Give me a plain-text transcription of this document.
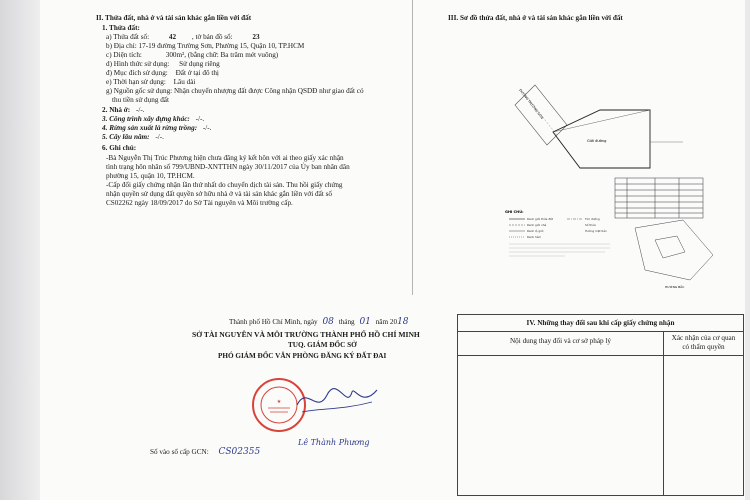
II. Thửa đất, nhà ở và tài sản khác gắn liền với đất
1. Thửa đất:
a) Thửa đất số:	42 , tờ bản đồ số:	23
b) Địa chỉ: 17-19 đường Trường Sơn, Phường 15, Quận 10, TP.HCM
c) Diện tích:	300m², (bằng chữ: Ba trăm mét vuông)
d) Hình thức sử dụng: Sử dụng riêng
đ) Mục đích sử dụng: Đất ở tại đô thị
e) Thời hạn sử dụng: Lâu dài
g) Nguồn gốc sử dụng: Nhận chuyển nhượng đất được Công nhận QSDĐ như giao đất có
thu tiền sử dụng đất
2. Nhà ở: -/-.
3. Công trình xây dựng khác: -/-.
4. Rừng sản xuất là rừng trồng: -/-.
5. Cây lâu năm: -/-.
6. Ghi chú:
-Bà Nguyễn Thị Trúc Phương hiện chưa đăng ký kết hôn với ai theo giấy xác nhận
tình trạng hôn nhân số 799/UBND-XNTTHN ngày 30/11/2017 của Ủy ban nhân dân
phường 15, quận 10, TP.HCM.
-Cấp đổi giấy chứng nhận lần thứ nhất do chuyển dịch tài sản. Thu hồi giấy chứng
nhận quyền sử dụng đất quyền sở hữu nhà ở và tài sản khác gắn liền với đất số
CS02262 ngày 18/09/2017 do Sở Tài nguyên và Môi trường cấp.
III. Sơ đồ thửa đất, nhà ở và tài sản khác gắn liền với đất
Giới đường
ĐƯỜNG TRƯỜNG SƠN
GHI CHÚ:
Ranh giới thửa đất
Ranh giới nhà
Ranh lộ giới
Ranh hẻm
Tim đường
Số thửa
Hướng mặt tiền
HƯỚNG BẮC
Thành phố Hồ Chí Minh, ngày 08 tháng 01 năm 2018
SỞ TÀI NGUYÊN VÀ MÔI TRƯỜNG THÀNH PHỐ HỒ CHÍ MINH
TUQ. GIÁM ĐỐC SỞ
PHÓ GIÁM ĐỐC VĂN PHÒNG ĐĂNG KÝ ĐẤT ĐAI
★
Lê Thành Phương
Số vào sổ cấp GCN: CS02355
IV. Những thay đổi sau khi cấp giấy chứng nhận
Nội dung thay đổi và cơ sở pháp lý	Xác nhận của cơ quan
có thẩm quyền
